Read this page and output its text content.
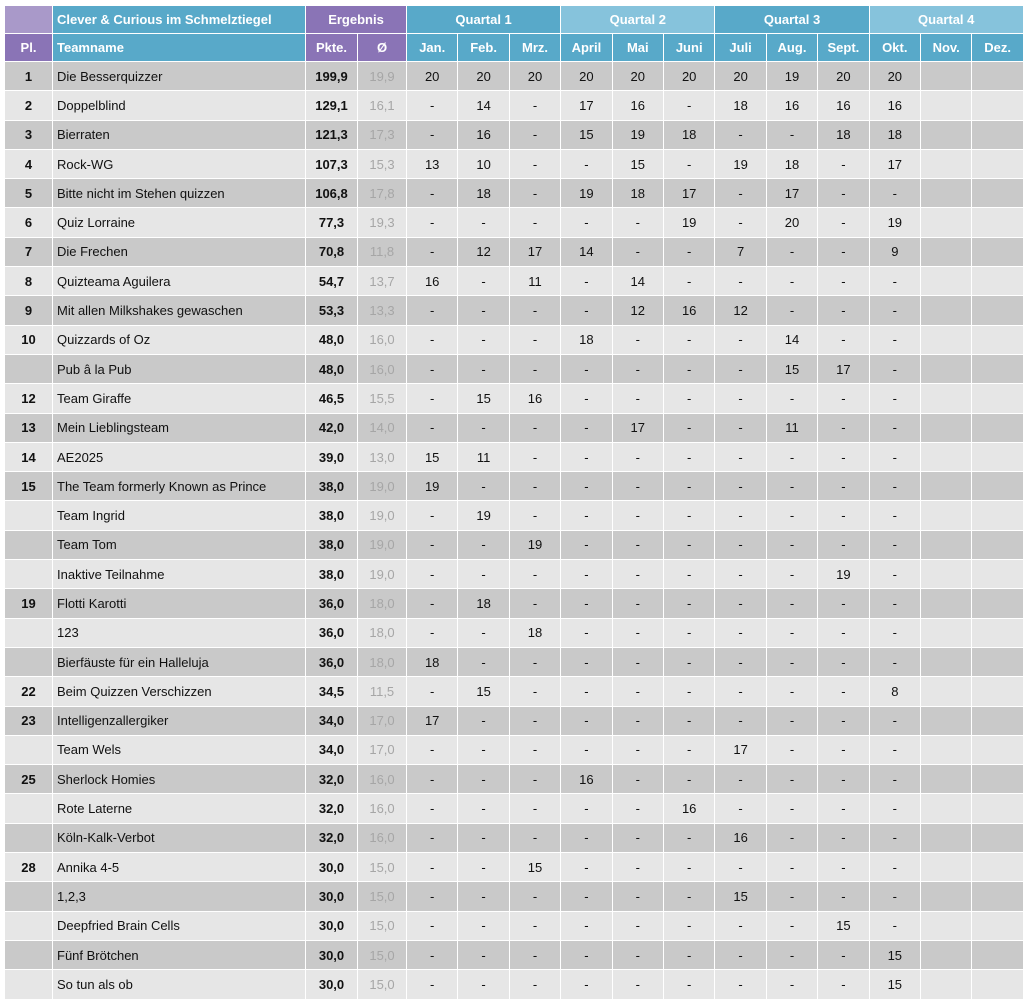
	Clever & Curious im Schmelztiegel	Ergebnis		Quartal 1			Quartal 2			Quartal 3			Quartal 4		
Pl.	Teamname	Pkte.	Ø	Jan.	Feb.	Mrz.	April	Mai	Juni	Juli	Aug.	Sept.	Okt.	Nov.	Dez.
1	Die Besserquizzer	199,9	19,9	20	20	20	20	20	20	20	19	20	20		
2	Doppelblind	129,1	16,1	-	14	-	17	16	-	18	16	16	16		
3	Bierraten	121,3	17,3	-	16	-	15	19	18	-	-	18	18		
4	Rock-WG	107,3	15,3	13	10	-	-	15	-	19	18	-	17		
5	Bitte nicht im Stehen quizzen	106,8	17,8	-	18	-	19	18	17	-	17	-	-		
6	Quiz Lorraine	77,3	19,3	-	-	-	-	-	19	-	20	-	19		
7	Die Frechen	70,8	11,8	-	12	17	14	-	-	7	-	-	9		
8	Quizteama Aguilera	54,7	13,7	16	-	11	-	14	-	-	-	-	-		
9	Mit allen Milkshakes gewaschen	53,3	13,3	-	-	-	-	12	16	12	-	-	-		
10	Quizzards of Oz	48,0	16,0	-	-	-	18	-	-	-	14	-	-		
	Pub â la Pub	48,0	16,0	-	-	-	-	-	-	-	15	17	-		
12	Team Giraffe	46,5	15,5	-	15	16	-	-	-	-	-	-	-		
13	Mein Lieblingsteam	42,0	14,0	-	-	-	-	17	-	-	11	-	-		
14	AE2025	39,0	13,0	15	11	-	-	-	-	-	-	-	-		
15	The Team formerly Known as Prince	38,0	19,0	19	-	-	-	-	-	-	-	-	-		
	Team Ingrid	38,0	19,0	-	19	-	-	-	-	-	-	-	-		
	Team Tom	38,0	19,0	-	-	19	-	-	-	-	-	-	-		
	Inaktive Teilnahme	38,0	19,0	-	-	-	-	-	-	-	-	19	-		
19	Flotti Karotti	36,0	18,0	-	18	-	-	-	-	-	-	-	-		
	123	36,0	18,0	-	-	18	-	-	-	-	-	-	-		
	Bierfäuste für ein Halleluja	36,0	18,0	18	-	-	-	-	-	-	-	-	-		
22	Beim Quizzen Verschizzen	34,5	11,5	-	15	-	-	-	-	-	-	-	8		
23	Intelligenzallergiker	34,0	17,0	17	-	-	-	-	-	-	-	-	-		
	Team Wels	34,0	17,0	-	-	-	-	-	-	17	-	-	-		
25	Sherlock Homies	32,0	16,0	-	-	-	16	-	-	-	-	-	-		
	Rote Laterne	32,0	16,0	-	-	-	-	-	16	-	-	-	-		
	Köln-Kalk-Verbot	32,0	16,0	-	-	-	-	-	-	16	-	-	-		
28	Annika 4-5	30,0	15,0	-	-	15	-	-	-	-	-	-	-		
	1,2,3	30,0	15,0	-	-	-	-	-	-	15	-	-	-		
	Deepfried Brain Cells	30,0	15,0	-	-	-	-	-	-	-	-	15	-		
	Fünf Brötchen	30,0	15,0	-	-	-	-	-	-	-	-	-	15		
	So tun als ob	30,0	15,0	-	-	-	-	-	-	-	-	-	15		
